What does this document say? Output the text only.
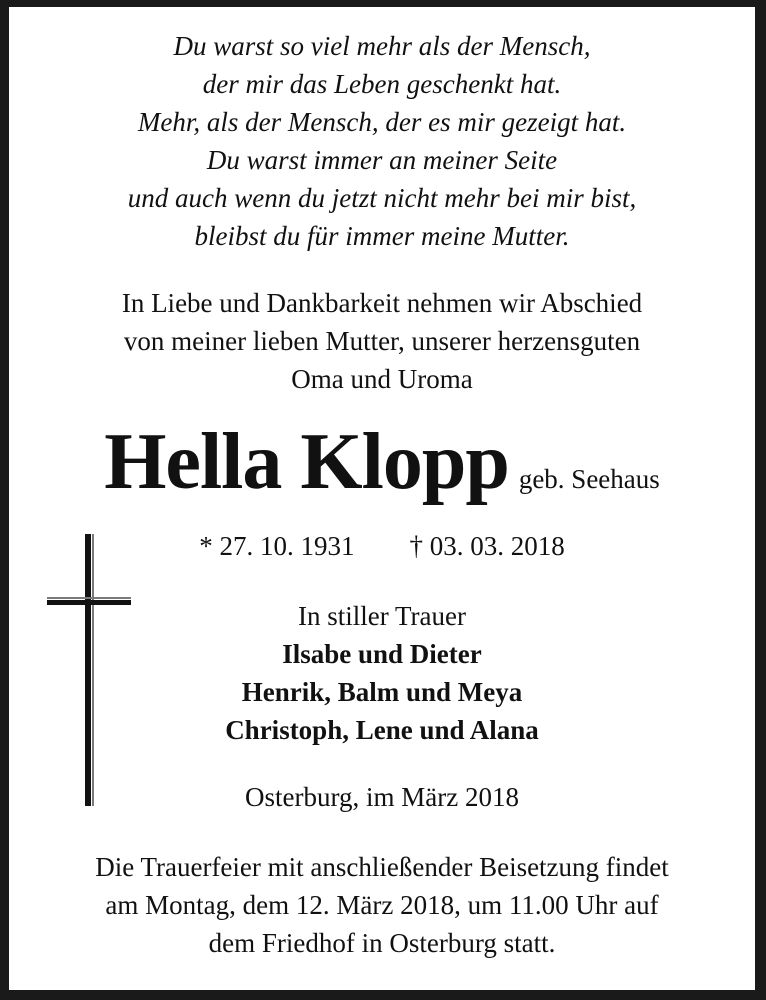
Du warst so viel mehr als der Mensch,
der mir das Leben geschenkt hat.
Mehr, als der Mensch, der es mir gezeigt hat.
Du warst immer an meiner Seite
und auch wenn du jetzt nicht mehr bei mir bist,
bleibst du für immer meine Mutter.
In Liebe und Dankbarkeit nehmen wir Abschied
von meiner lieben Mutter, unserer herzensguten
Oma und Uroma
Hella Klopp geb. Seehaus
* 27. 10. 1931 † 03. 03. 2018
In stiller Trauer
Ilsabe und Dieter
Henrik, Balm und Meya
Christoph, Lene und Alana
Osterburg, im März 2018
Die Trauerfeier mit anschließender Beisetzung findet
am Montag, dem 12. März 2018, um 11.00 Uhr auf
dem Friedhof in Osterburg statt.
